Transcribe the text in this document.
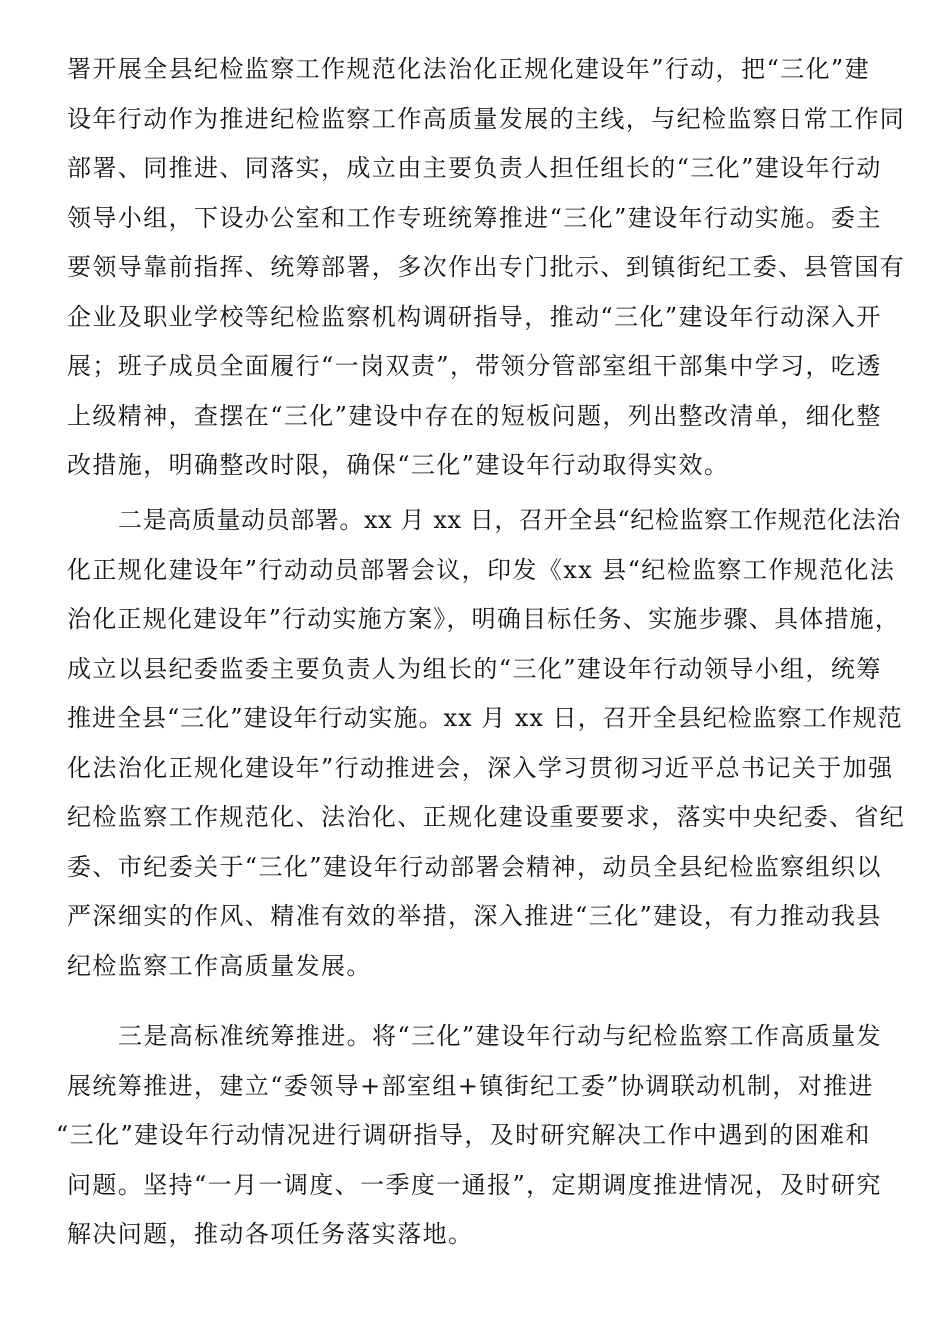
署开展全县纪检监察工作规范化法治化正规化建设年”行动，把“三化”建
设年行动作为推进纪检监察工作高质量发展的主线，与纪检监察日常工作同
部署、同推进、同落实，成立由主要负责人担任组长的“三化”建设年行动
领导小组，下设办公室和工作专班统筹推进“三化”建设年行动实施。委主
要领导靠前指挥、统筹部署，多次作出专门批示、到镇街纪工委、县管国有
企业及职业学校等纪检监察机构调研指导，推动“三化”建设年行动深入开
展；班子成员全面履行“一岗双责”，带领分管部室组干部集中学习，吃透
上级精神，查摆在“三化”建设中存在的短板问题，列出整改清单，细化整
改措施，明确整改时限，确保“三化”建设年行动取得实效。
二是高质量动员部署。xx 月 xx 日，召开全县“纪检监察工作规范化法治
化正规化建设年”行动动员部署会议，印发《xx 县“纪检监察工作规范化法
治化正规化建设年”行动实施方案》，明确目标任务、实施步骤、具体措施，
成立以县纪委监委主要负责人为组长的“三化”建设年行动领导小组，统筹
推进全县“三化”建设年行动实施。xx 月 xx 日，召开全县纪检监察工作规范
化法治化正规化建设年”行动推进会，深入学习贯彻习近平总书记关于加强
纪检监察工作规范化、法治化、正规化建设重要要求，落实中央纪委、省纪
委、市纪委关于“三化”建设年行动部署会精神，动员全县纪检监察组织以
严深细实的作风、精准有效的举措，深入推进“三化”建设，有力推动我县
纪检监察工作高质量发展。
三是高标准统筹推进。将“三化”建设年行动与纪检监察工作高质量发
展统筹推进，建立“委领导+部室组+镇街纪工委”协调联动机制，对推进
“三化”建设年行动情况进行调研指导，及时研究解决工作中遇到的困难和
问题。坚持“一月一调度、一季度一通报”，定期调度推进情况，及时研究
解决问题，推动各项任务落实落地。
